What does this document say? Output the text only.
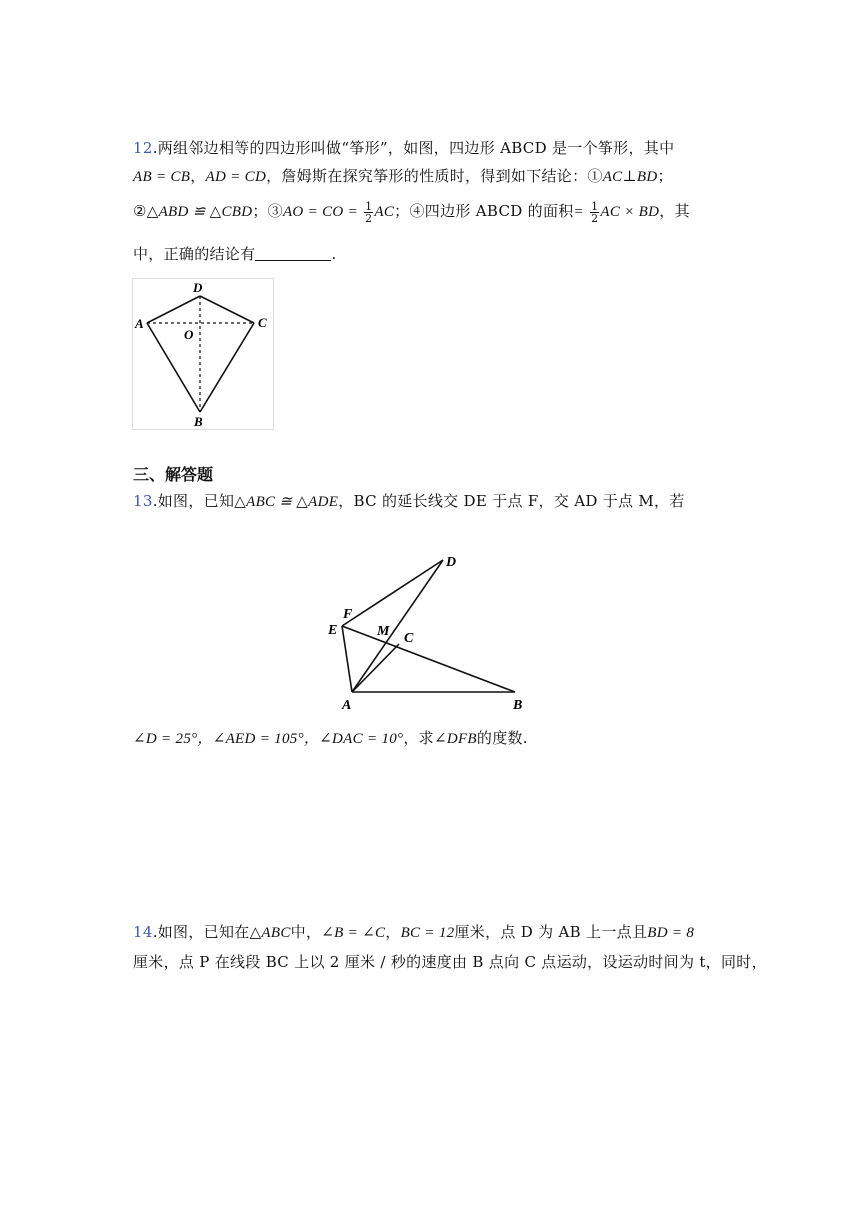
12.两组邻边相等的四边形叫做“筝形”，如图，四边形 ABCD 是一个筝形，其中
AB = CB，AD = CD，詹姆斯在探究筝形的性质时，得到如下结论：①AC⊥BD；
②△ABD ≌ △CBD；③AO = CO = $\frac{1}{2}$ AC；④四边形 ABCD 的面积= $\frac{1}{2}$ AC × BD，其
中，正确的结论有	.
D
A	C
O
B
三、解答题
13.如图，已知△ABC ≅ △ADE，BC 的延长线交 DE 于点 F，交 AD 于点 M，若
D
F
E	M C
A	B
∠D = 25°，∠AED = 105°，∠DAC = 10°，求∠DFB的度数.
14.如图，已知在△ABC中，∠B = ∠C，BC = 12厘米，点 D 为 AB 上一点且BD = 8
厘米，点 P 在线段 BC 上以 2 厘米 / 秒的速度由 B 点向 C 点运动，设运动时间为 t，同时，
